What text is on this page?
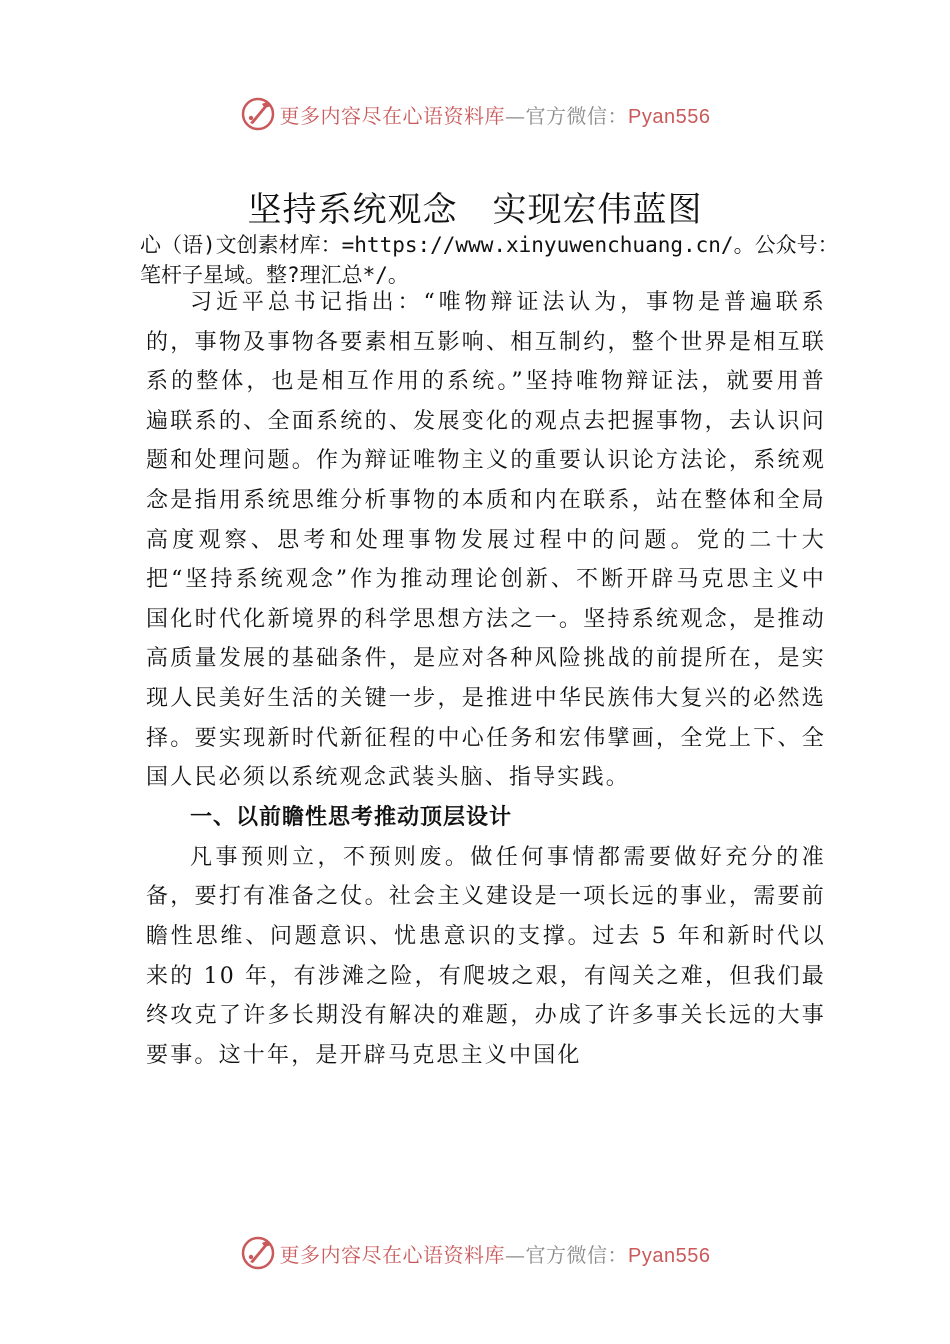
更多内容尽在心语资料库—官方微信：Pyan556
坚持系统观念　实现宏伟蓝图
心（语)文创素材库：=https://www.xinyuwenchuang.cn/。公众号：笔杆子星域。整?理汇总*/。

习近平总书记指出：“唯物辩证法认为，事物是普遍联系的，事物及事物各要素相互影响、相互制约，整个世界是相互联系的整体，也是相互作用的系统。”坚持唯物辩证法，就要用普遍联系的、全面系统的、发展变化的观点去把握事物，去认识问题和处理问题。作为辩证唯物主义的重要认识论方法论，系统观念是指用系统思维分析事物的本质和内在联系，站在整体和全局高度观察、思考和处理事物发展过程中的问题。党的二十大把“坚持系统观念”作为推动理论创新、不断开辟马克思主义中国化时代化新境界的科学思想方法之一。坚持系统观念，是推动高质量发展的基础条件，是应对各种风险挑战的前提所在，是实现人民美好生活的关键一步，是推进中华民族伟大复兴的必然选择。要实现新时代新征程的中心任务和宏伟擘画，全党上下、全国人民必须以系统观念武装头脑、指导实践。

一、以前瞻性思考推动顶层设计

凡事预则立，不预则废。做任何事情都需要做好充分的准备，要打有准备之仗。社会主义建设是一项长远的事业，需要前瞻性思维、问题意识、忧患意识的支撑。过去 5 年和新时代以来的 10 年，有涉滩之险，有爬坡之艰，有闯关之难，但我们最终攻克了许多长期没有解决的难题，办成了许多事关长远的大事要事。这十年，是开辟马克思主义中国化

更多内容尽在心语资料库—官方微信：Pyan556
